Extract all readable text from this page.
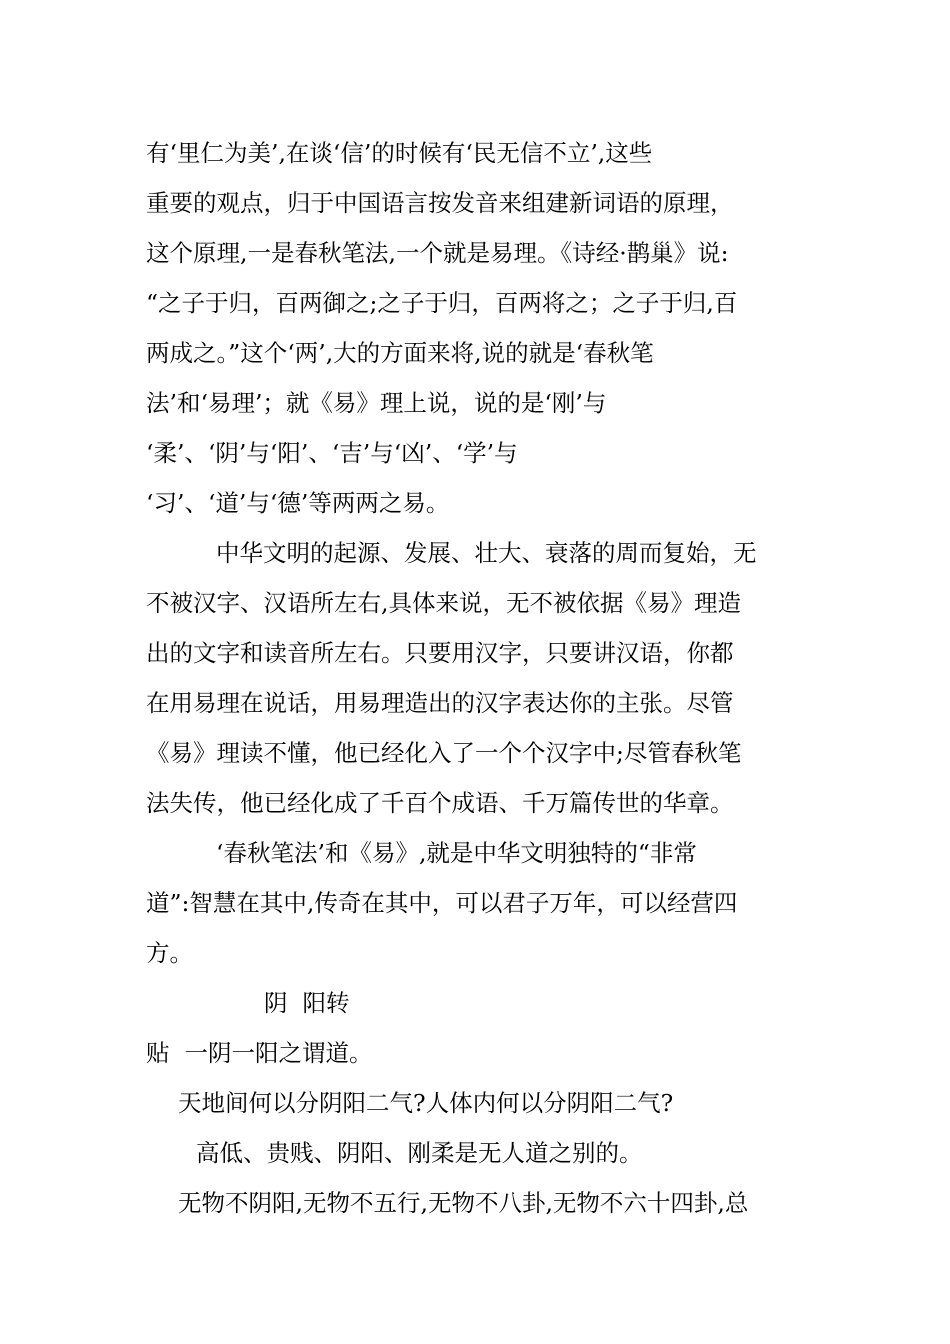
有‘里仁为美’,在谈‘信’的时候有‘民无信不立’,这些
重要的观点，归于中国语言按发音来组建新词语的原理，
这个原理,一是春秋笔法,一个就是易理。《诗经·鹊巢》说:
“之子于归，百两御之;之子于归，百两将之；之子于归,百
两成之。”这个‘两’,大的方面来将,说的就是‘春秋笔
法’和‘易理’；就《易》理上说，说的是‘刚’与
‘柔’、‘阴’与‘阳’、‘吉’与‘凶’、‘学’与
‘习’、‘道’与‘德’等两两之易。
中华文明的起源、发展、壮大、衰落的周而复始，无
不被汉字、汉语所左右,具体来说，无不被依据《易》理造
出的文字和读音所左右。只要用汉字，只要讲汉语，你都
在用易理在说话，用易理造出的汉字表达你的主张。尽管
《易》理读不懂，他已经化入了一个个汉字中;尽管春秋笔
法失传，他已经化成了千百个成语、千万篇传世的华章。
‘春秋笔法’和《易》,就是中华文明独特的“非常
道”:智慧在其中,传奇在其中，可以君子万年，可以经营四
方。
阴  阳转
贴  一阴一阳之谓道。
天地间何以分阴阳二气?人体内何以分阴阳二气?
高低、贵贱、阴阳、刚柔是无人道之别的。
无物不阴阳,无物不五行,无物不八卦,无物不六十四卦,总
